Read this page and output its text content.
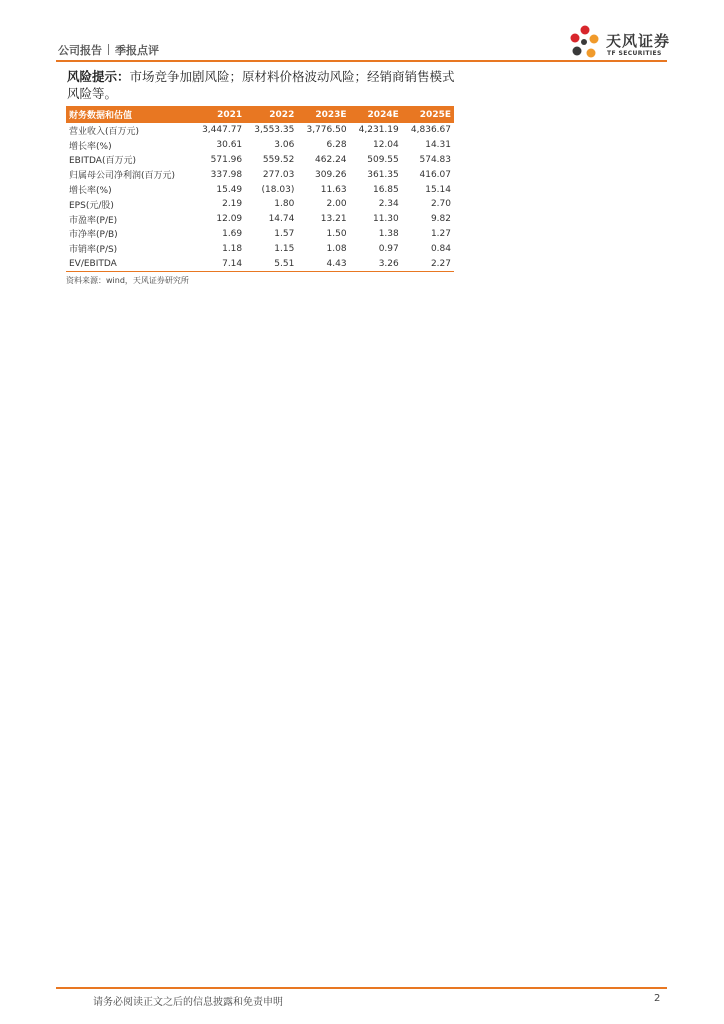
公司报告 季报点评
天风证券
TF SECURITIES
风险提示：市场竞争加剧风险；原材料价格波动风险；经销商销售模式风险等。
财务数据和估值	2021	2022	2023E	2024E	2025E
营业收入(百万元)	3,447.77	3,553.35	3,776.50	4,231.19	4,836.67
增长率(%)	30.61	3.06	6.28	12.04	14.31
EBITDA(百万元)	571.96	559.52	462.24	509.55	574.83
归属母公司净利润(百万元)	337.98	277.03	309.26	361.35	416.07
增长率(%)	15.49	(18.03)	11.63	16.85	15.14
EPS(元/股)	2.19	1.80	2.00	2.34	2.70
市盈率(P/E)	12.09	14.74	13.21	11.30	9.82
市净率(P/B)	1.69	1.57	1.50	1.38	1.27
市销率(P/S)	1.18	1.15	1.08	0.97	0.84
EV/EBITDA	7.14	5.51	4.43	3.26	2.27
资料来源：wind，天风证券研究所
请务必阅读正文之后的信息披露和免责申明	2
